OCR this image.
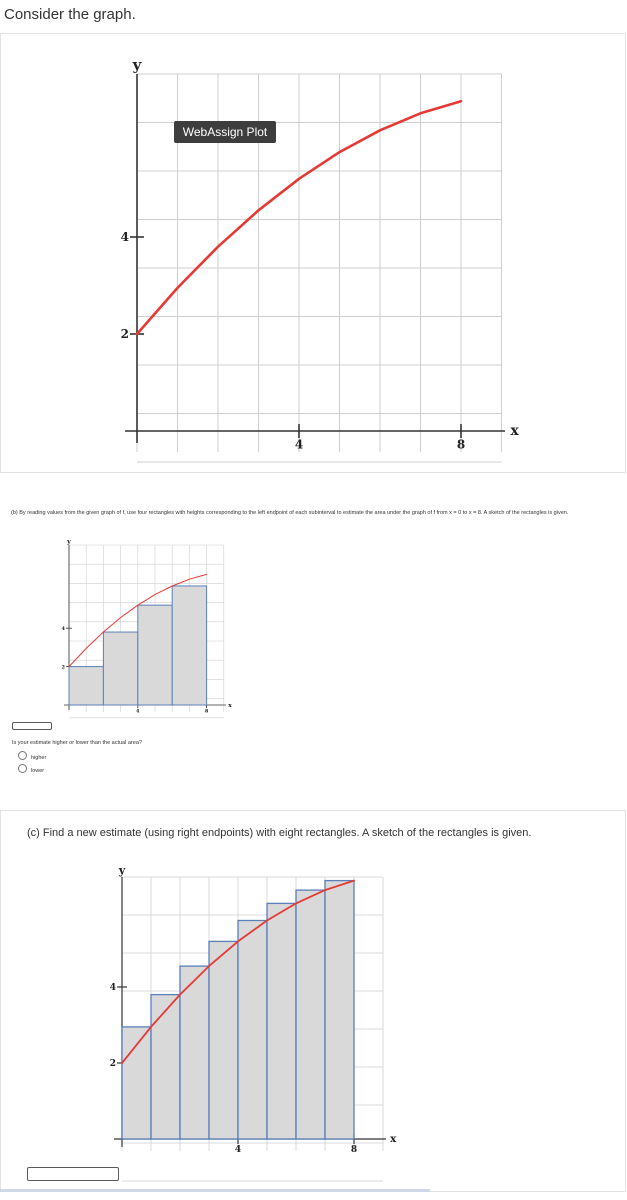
Consider the graph.
4	8
2
4
y
x
WebAssign Plot
(b) By reading values from the given graph of f, use four rectangles with heights corresponding to the left endpoint of each subinterval to estimate the area under the graph of f from x = 0 to x = 8. A sketch of the rectangles is given.
4	8
2
4
y
x
Is your estimate higher or lower than the actual area?
higher
lower
(c) Find a new estimate (using right endpoints) with eight rectangles. A sketch of the rectangles is given.
4	8
2
4
y
x
